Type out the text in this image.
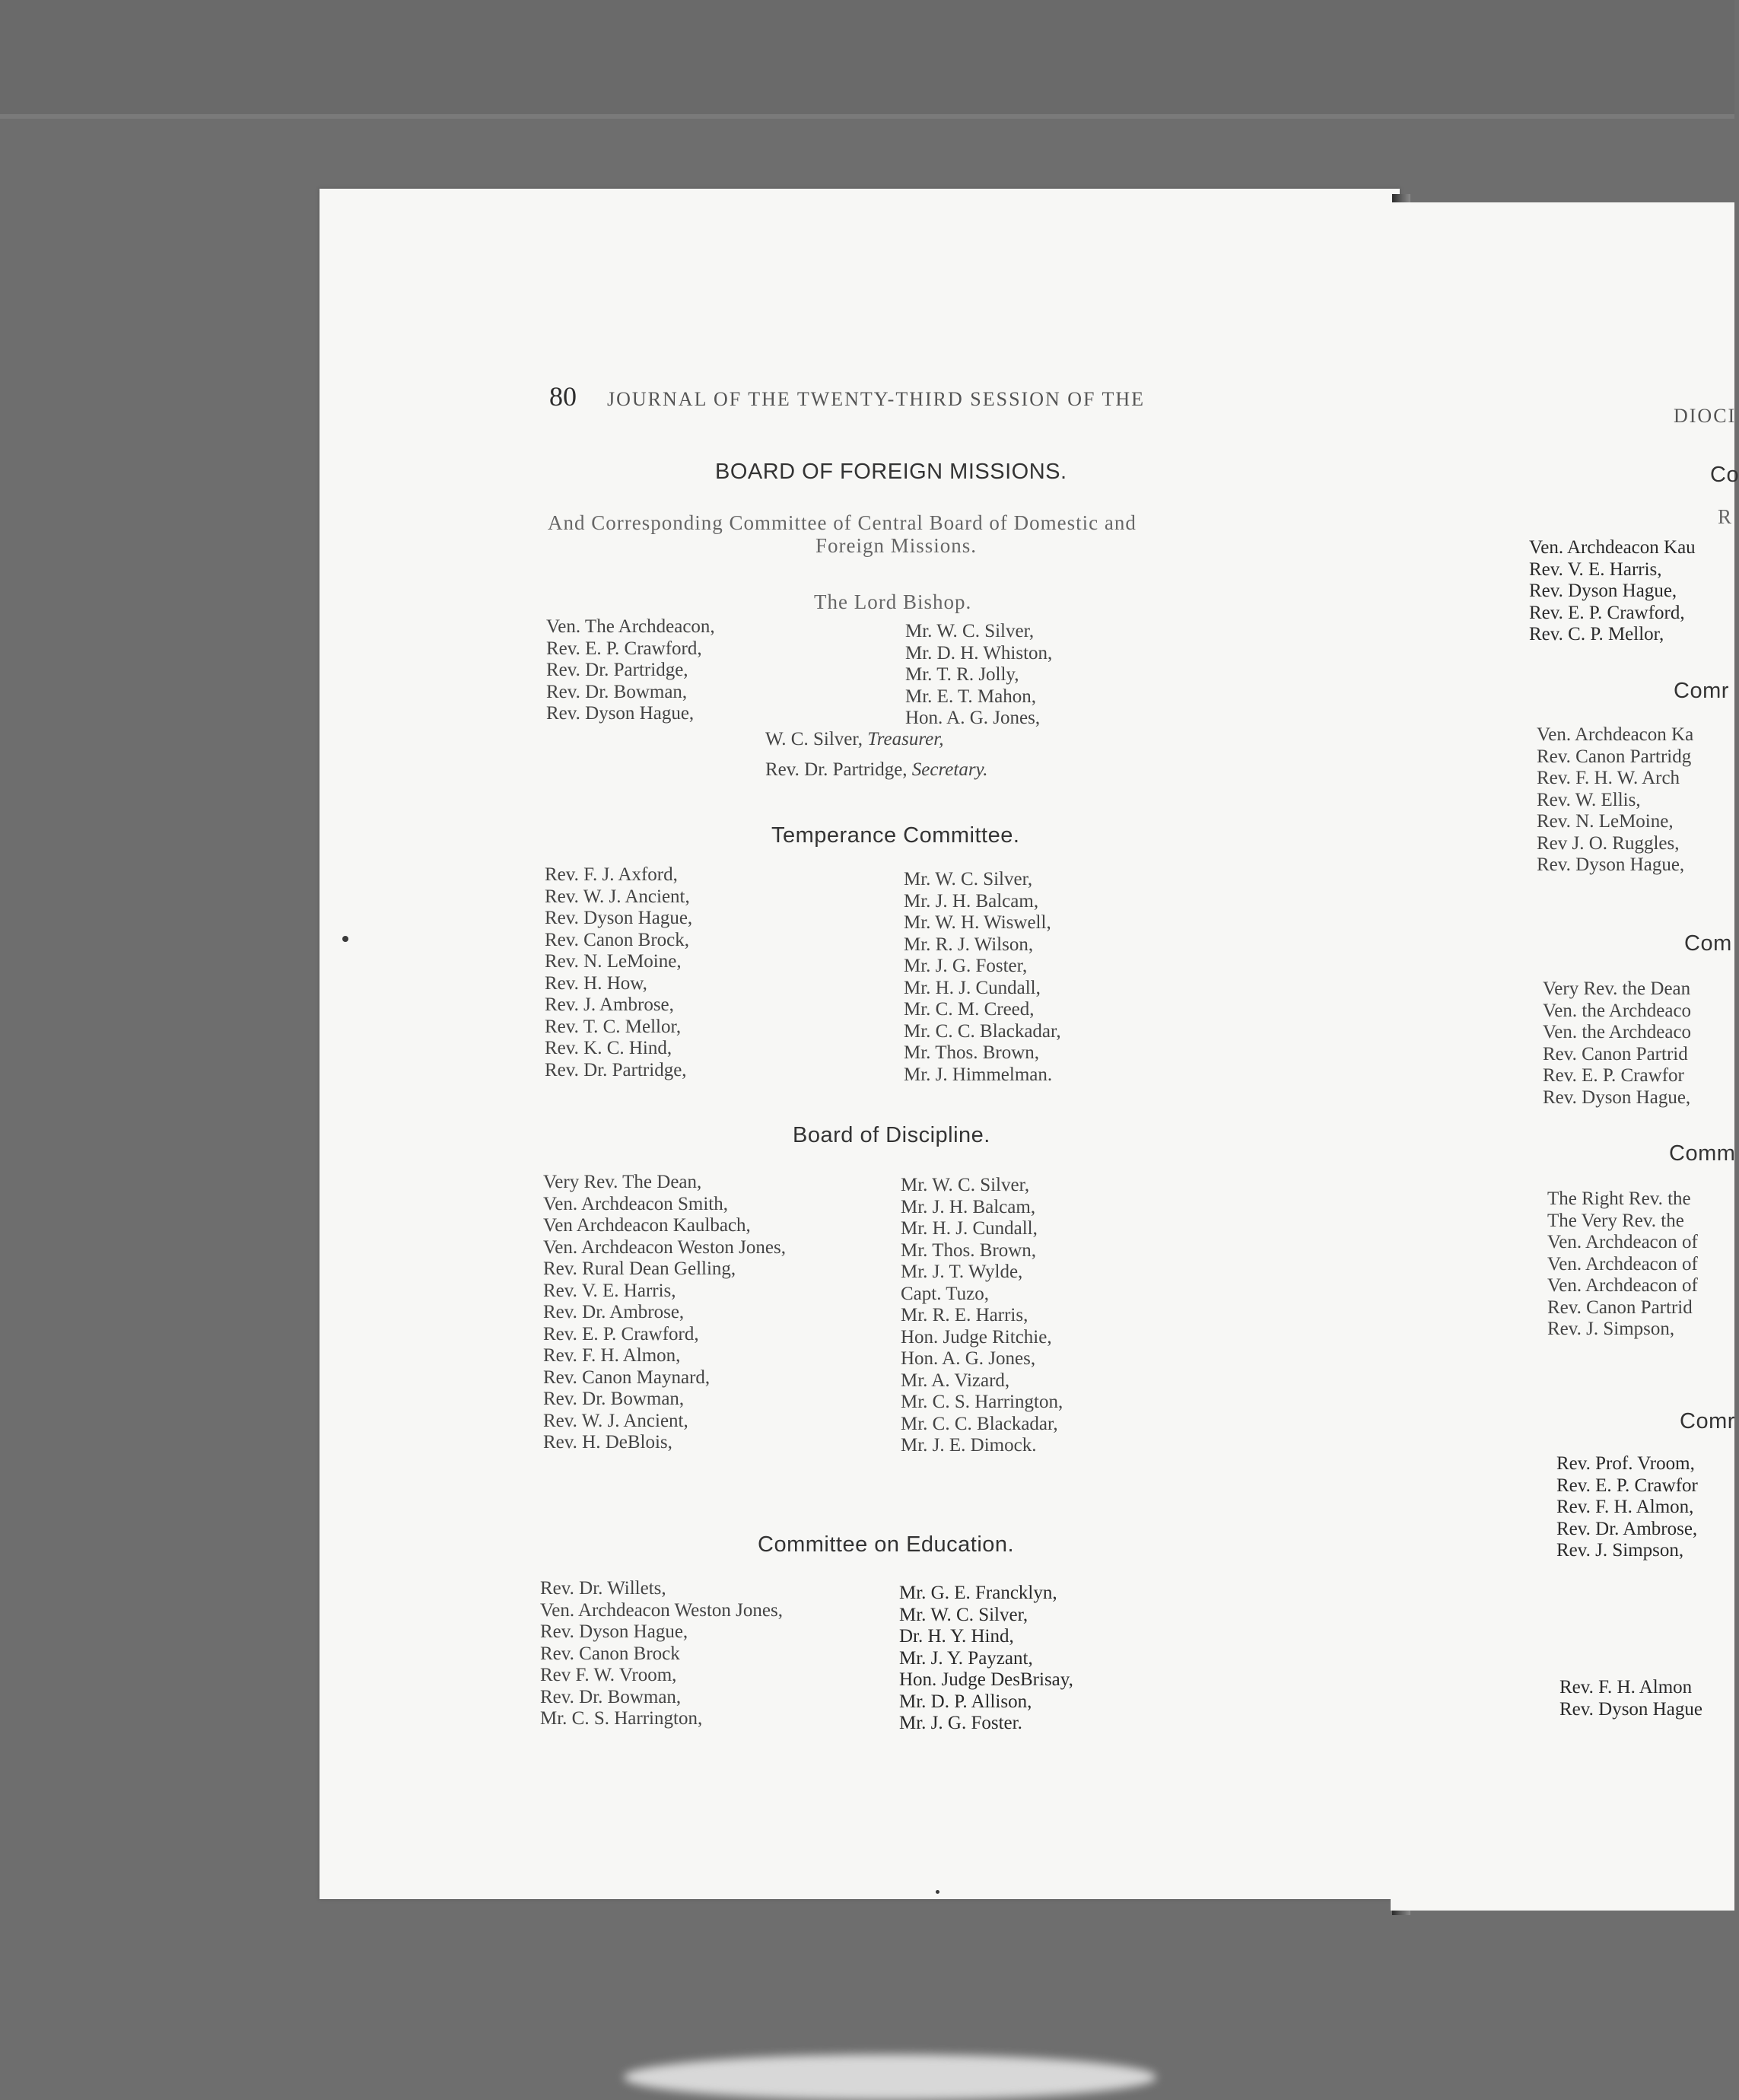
80 JOURNAL OF THE TWENTY-THIRD SESSION OF THE
BOARD OF FOREIGN MISSIONS.
And Corresponding Committee of Central Board of Domestic and
Foreign Missions.
The Lord Bishop.
Ven. The Archdeacon,
Rev. E. P. Crawford,
Rev. Dr. Partridge,
Rev. Dr. Bowman,
Rev. Dyson Hague,
Mr. W. C. Silver,
Mr. D. H. Whiston,
Mr. T. R. Jolly,
Mr. E. T. Mahon,
Hon. A. G. Jones,
W. C. Silver, Treasurer,
Rev. Dr. Partridge, Secretary.
Temperance Committee.
Rev. F. J. Axford,
Rev. W. J. Ancient,
Rev. Dyson Hague,
Rev. Canon Brock,
Rev. N. LeMoine,
Rev. H. How,
Rev. J. Ambrose,
Rev. T. C. Mellor,
Rev. K. C. Hind,
Rev. Dr. Partridge,
Mr. W. C. Silver,
Mr. J. H. Balcam,
Mr. W. H. Wiswell,
Mr. R. J. Wilson,
Mr. J. G. Foster,
Mr. H. J. Cundall,
Mr. C. M. Creed,
Mr. C. C. Blackadar,
Mr. Thos. Brown,
Mr. J. Himmelman.
Board of Discipline.
Very Rev. The Dean,
Ven. Archdeacon Smith,
Ven Archdeacon Kaulbach,
Ven. Archdeacon Weston Jones,
Rev. Rural Dean Gelling,
Rev. V. E. Harris,
Rev. Dr. Ambrose,
Rev. E. P. Crawford,
Rev. F. H. Almon,
Rev. Canon Maynard,
Rev. Dr. Bowman,
Rev. W. J. Ancient,
Rev. H. DeBlois,
Mr. W. C. Silver,
Mr. J. H. Balcam,
Mr. H. J. Cundall,
Mr. Thos. Brown,
Mr. J. T. Wylde,
Capt. Tuzo,
Mr. R. E. Harris,
Hon. Judge Ritchie,
Hon. A. G. Jones,
Mr. A. Vizard,
Mr. C. S. Harrington,
Mr. C. C. Blackadar,
Mr. J. E. Dimock.
Committee on Education.
Rev. Dr. Willets,
Ven. Archdeacon Weston Jones,
Rev. Dyson Hague,
Rev. Canon Brock
Rev F. W. Vroom,
Rev. Dr. Bowman,
Mr. C. S. Harrington,
Mr. G. E. Francklyn,
Mr. W. C. Silver,
Dr. H. Y. Hind,
Mr. J. Y. Payzant,
Hon. Judge DesBrisay,
Mr. D. P. Allison,
Mr. J. G. Foster.
DIOCI
Co
R
Ven. Archdeacon Kau
Rev. V. E. Harris,
Rev. Dyson Hague,
Rev. E. P. Crawford,
Rev. C. P. Mellor,
Comr
Ven. Archdeacon Ka
Rev. Canon Partridg
Rev. F. H. W. Arch
Rev. W. Ellis,
Rev. N. LeMoine,
Rev J. O. Ruggles,
Rev. Dyson Hague,
Com
Very Rev. the Dean
Ven. the Archdeaco
Ven. the Archdeaco
Rev. Canon Partrid
Rev. E. P. Crawfor
Rev. Dyson Hague,
Comm
The Right Rev. the
The Very Rev. the
Ven. Archdeacon of
Ven. Archdeacon of
Ven. Archdeacon of
Rev. Canon Partrid
Rev. J. Simpson,
Comr
Rev. Prof. Vroom,
Rev. E. P. Crawfor
Rev. F. H. Almon,
Rev. Dr. Ambrose,
Rev. J. Simpson,
Rev. F. H. Almon
Rev. Dyson Hague
